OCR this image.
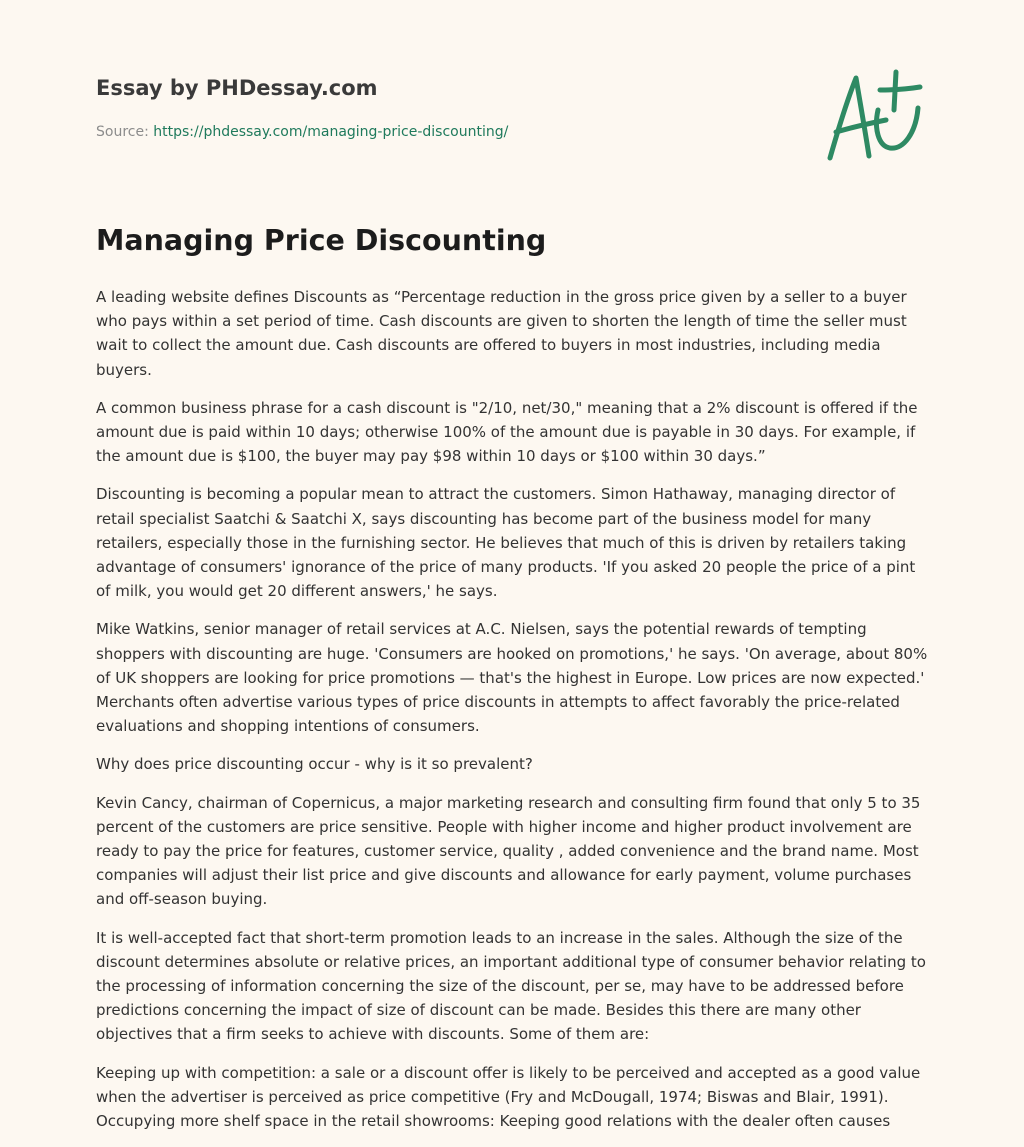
Essay by PHDessay.com
Source: https://phdessay.com/managing-price-discounting/
Managing Price Discounting

A leading website defines Discounts as “Percentage reduction in the gross price given by a seller to a buyer who pays within a set period of time. Cash discounts are given to shorten the length of time the seller must wait to collect the amount due. Cash discounts are offered to buyers in most industries, including media buyers.

A common business phrase for a cash discount is "2/10, net/30," meaning that a 2% discount is offered if the amount due is paid within 10 days; otherwise 100% of the amount due is payable in 30 days. For example, if the amount due is $100, the buyer may pay $98 within 10 days or $100 within 30 days.”

Discounting is becoming a popular mean to attract the customers. Simon Hathaway, managing director of retail specialist Saatchi & Saatchi X, says discounting has become part of the business model for many retailers, especially those in the furnishing sector. He believes that much of this is driven by retailers taking advantage of consumers' ignorance of the price of many products. 'If you asked 20 people the price of a pint of milk, you would get 20 different answers,' he says.

Mike Watkins, senior manager of retail services at A.C. Nielsen, says the potential rewards of tempting shoppers with discounting are huge. 'Consumers are hooked on promotions,' he says. 'On average, about 80% of UK shoppers are looking for price promotions — that's the highest in Europe. Low prices are now expected.' Merchants often advertise various types of price discounts in attempts to affect favorably the price-related evaluations and shopping intentions of consumers.

Why does price discounting occur - why is it so prevalent?

Kevin Cancy, chairman of Copernicus, a major marketing research and consulting firm found that only 5 to 35 percent of the customers are price sensitive. People with higher income and higher product involvement are ready to pay the price for features, customer service, quality , added convenience and the brand name. Most companies will adjust their list price and give discounts and allowance for early payment, volume purchases and off-season buying.

It is well-accepted fact that short-term promotion leads to an increase in the sales. Although the size of the discount determines absolute or relative prices, an important additional type of consumer behavior relating to the processing of information concerning the size of the discount, per se, may have to be addressed before predictions concerning the impact of size of discount can be made. Besides this there are many other objectives that a firm seeks to achieve with discounts. Some of them are:

Keeping up with competition: a sale or a discount offer is likely to be perceived and accepted as a good value when the advertiser is perceived as price competitive (Fry and McDougall, 1974; Biswas and Blair, 1991). Occupying more shelf space in the retail showrooms: Keeping good relations with the dealer often causes
